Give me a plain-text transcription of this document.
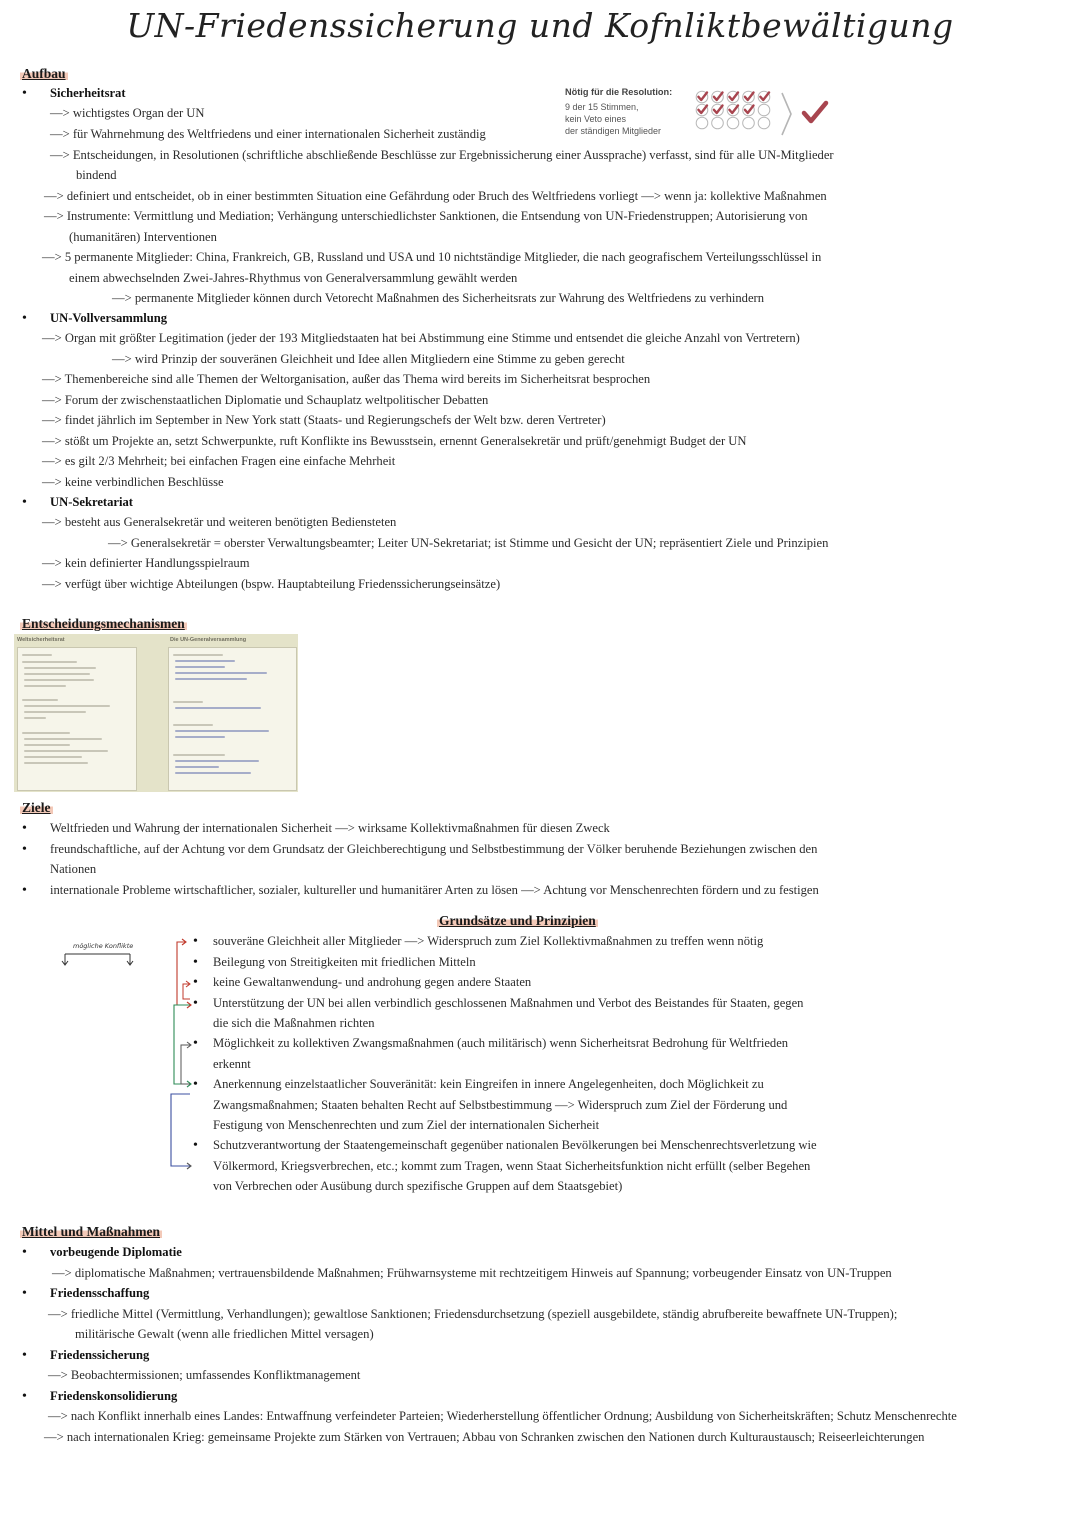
UN-Friedenssicherung und Kofnliktbewältigung
Aufbau
• Sicherheitsrat
—> wichtigstes Organ der UN
—> für Wahrnehmung des Weltfriedens und einer internationalen Sicherheit zuständig
—> Entscheidungen, in Resolutionen (schriftliche abschließende Beschlüsse zur Ergebnissicherung einer Aussprache) verfasst, sind für alle UN-Mitglieder
bindend
—> definiert und entscheidet, ob in einer bestimmten Situation eine Gefährdung oder Bruch des Weltfriedens vorliegt —> wenn ja: kollektive Maßnahmen
—> Instrumente: Vermittlung und Mediation; Verhängung unterschiedlichster Sanktionen, die Entsendung von UN-Friedenstruppen; Autorisierung von
(humanitären) Interventionen
—> 5 permanente Mitglieder: China, Frankreich, GB, Russland und USA und 10 nichtständige Mitglieder, die nach geografischem Verteilungsschlüssel in
einem abwechselnden Zwei-Jahres-Rhythmus von Generalversammlung gewählt werden
—> permanente Mitglieder können durch Vetorecht Maßnahmen des Sicherheitsrats zur Wahrung des Weltfriedens zu verhindern
Nötig für die Resolution:
9 der 15 Stimmen,
kein Veto eines
der ständigen Mitglieder
• UN-Vollversammlung
—> Organ mit größter Legitimation (jeder der 193 Mitgliedstaaten hat bei Abstimmung eine Stimme und entsendet die gleiche Anzahl von Vertretern)
—> wird Prinzip der souveränen Gleichheit und Idee allen Mitgliedern eine Stimme zu geben gerecht
—> Themenbereiche sind alle Themen der Weltorganisation, außer das Thema wird bereits im Sicherheitsrat besprochen
—> Forum der zwischenstaatlichen Diplomatie und Schauplatz weltpolitischer Debatten
—> findet jährlich im September in New York statt (Staats- und Regierungschefs der Welt bzw. deren Vertreter)
—> stößt um Projekte an, setzt Schwerpunkte, ruft Konflikte ins Bewusstsein, ernennt Generalsekretär und prüft/genehmigt Budget der UN
—> es gilt 2/3 Mehrheit; bei einfachen Fragen eine einfache Mehrheit
—> keine verbindlichen Beschlüsse
• UN-Sekretariat
—> besteht aus Generalsekretär und weiteren benötigten Bediensteten
—> Generalsekretär = oberster Verwaltungsbeamter; Leiter UN-Sekretariat; ist Stimme und Gesicht der UN; repräsentiert Ziele und Prinzipien
—> kein definierter Handlungsspielraum
—> verfügt über wichtige Abteilungen (bspw. Hauptabteilung Friedenssicherungseinsätze)
Entscheidungsmechanismen
Weltsicherheitsrat	Die UN-Generalversammlung
Ziele
• Weltfrieden und Wahrung der internationalen Sicherheit —> wirksame Kollektivmaßnahmen für diesen Zweck
• freundschaftliche, auf der Achtung vor dem Grundsatz der Gleichberechtigung und Selbstbestimmung der Völker beruhende Beziehungen zwischen den
Nationen
• internationale Probleme wirtschaftlicher, sozialer, kultureller und humanitärer Arten zu lösen —> Achtung vor Menschenrechten fördern und zu festigen
Grundsätze und Prinzipien
mögliche Konflikte	• souveräne Gleichheit aller Mitglieder —> Widerspruch zum Ziel Kollektivmaßnahmen zu treffen wenn nötig
• Beilegung von Streitigkeiten mit friedlichen Mitteln
• keine Gewaltanwendung- und androhung gegen andere Staaten
• Unterstützung der UN bei allen verbindlich geschlossenen Maßnahmen und Verbot des Beistandes für Staaten, gegen
die sich die Maßnahmen richten
• Möglichkeit zu kollektiven Zwangsmaßnahmen (auch militärisch) wenn Sicherheitsrat Bedrohung für Weltfrieden
erkennt
• Anerkennung einzelstaatlicher Souveränität: kein Eingreifen in innere Angelegenheiten, doch Möglichkeit zu
Zwangsmaßnahmen; Staaten behalten Recht auf Selbstbestimmung —> Widerspruch zum Ziel der Förderung und
Festigung von Menschenrechten und zum Ziel der internationalen Sicherheit
• Schutzverantwortung der Staatengemeinschaft gegenüber nationalen Bevölkerungen bei Menschenrechtsverletzung wie
Völkermord, Kriegsverbrechen, etc.; kommt zum Tragen, wenn Staat Sicherheitsfunktion nicht erfüllt (selber Begehen
von Verbrechen oder Ausübung durch spezifische Gruppen auf dem Staatsgebiet)
Mittel und Maßnahmen
• vorbeugende Diplomatie
—> diplomatische Maßnahmen; vertrauensbildende Maßnahmen; Frühwarnsysteme mit rechtzeitigem Hinweis auf Spannung; vorbeugender Einsatz von UN-Truppen
• Friedensschaffung
—> friedliche Mittel (Vermittlung, Verhandlungen); gewaltlose Sanktionen; Friedensdurchsetzung (speziell ausgebildete, ständig abrufbereite bewaffnete UN-Truppen);
militärische Gewalt (wenn alle friedlichen Mittel versagen)
• Friedenssicherung
—> Beobachtermissionen; umfassendes Konfliktmanagement
• Friedenskonsolidierung
—> nach Konflikt innerhalb eines Landes: Entwaffnung verfeindeter Parteien; Wiederherstellung öffentlicher Ordnung; Ausbildung von Sicherheitskräften; Schutz Menschenrechte
—> nach internationalen Krieg: gemeinsame Projekte zum Stärken von Vertrauen; Abbau von Schranken zwischen den Nationen durch Kulturaustausch; Reiseerleichterungen
